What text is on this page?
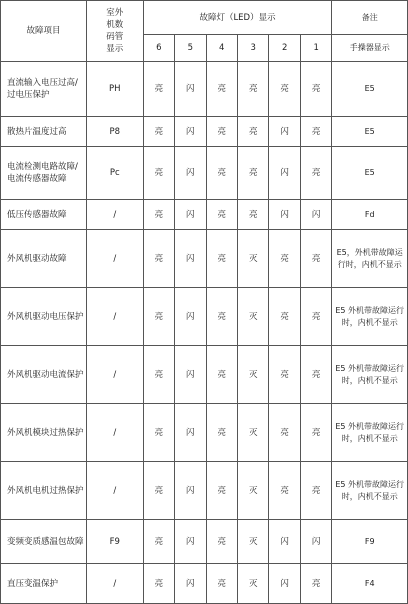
故障项目	室外
机数
码管
显示	故障灯（LED）显示						备注
		6	5	4	3	2	1	手操器显示
直流输入电压过高/过电压保护	PH	亮	闪	亮	亮	亮	亮	E5
散热片温度过高	P8	亮	闪	亮	亮	闪	亮	E5
电流检测电路故障/电流传感器故障	Pc	亮	闪	亮	亮	闪	亮	E5
低压传感器故障	/	亮	闪	亮	亮	闪	闪	Fd
外风机驱动故障	/	亮	闪	亮	灭	亮	亮	E5，外机带故障运行时，内机不显示
外风机驱动电压保护	/	亮	闪	亮	灭	亮	亮	E5 外机带故障运行时，内机不显示
外风机驱动电流保护	/	亮	闪	亮	灭	亮	亮	E5 外机带故障运行时，内机不显示
外风机模块过热保护	/	亮	闪	亮	灭	亮	亮	E5 外机带故障运行时，内机不显示
外风机电机过热保护	/	亮	闪	亮	灭	亮	亮	E5 外机带故障运行时，内机不显示
变频变质感温包故障	F9	亮	闪	亮	灭	闪	闪	F9
直压变温保护	/	亮	闪	亮	灭	闪	亮	F4
